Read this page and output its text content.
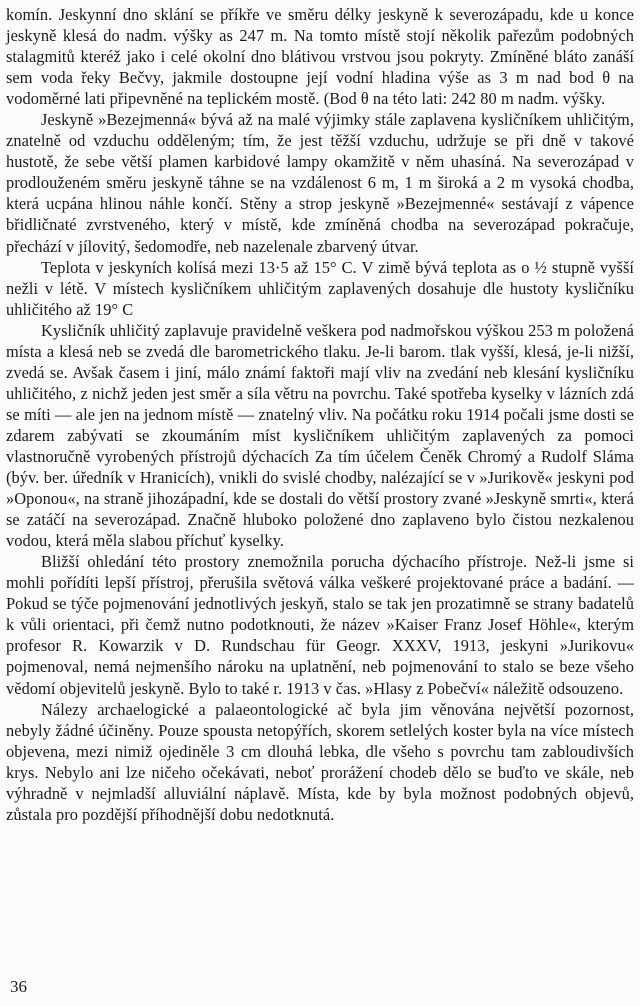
komín. Jeskynní dno sklání se příkře ve směru délky jeskyně k severozápadu, kde u konce jeskyně klesá do nadm. výšky as 247 m. Na tomto místě stojí několik pařezům podobných stalagmitů kteréž jako i celé okolní dno blátivou vrstvou jsou pokryty. Zmíněné bláto zanáší sem voda řeky Bečvy, jakmile dostoupne její vodní hladina výše as 3 m nad bod θ na vodoměrné lati připevněné na teplickém mostě. (Bod θ na této lati: 242 80 m nadm. výšky.

Jeskyně »Bezejmenná« bývá až na malé výjimky stále zaplavena kysličníkem uhličitým, znatelně od vzduchu odděleným; tím, že jest těžší vzduchu, udržuje se při dně v takové hustotě, že sebe větší plamen karbidové lampy okamžitě v něm uhasíná. Na severozápad v prodlouženém směru jeskyně táhne se na vzdálenost 6 m, 1 m široká a 2 m vysoká chodba, která ucpána hlinou náhle končí. Stěny a strop jeskyně »Bezejmenné« sestávají z vápence břidličnaté zvrstveného, který v místě, kde zmíněná chodba na severozápad pokračuje, přechází v jílovitý, šedomodře, neb nazelenale zbarvený útvar.

Teplota v jeskyních kolísá mezi 13·5 až 15° C. V zimě bývá teplota as o ½ stupně vyšší nežli v létě. V místech kysličníkem uhličitým zaplavených dosahuje dle hustoty kysličníku uhličitého až 19° C

Kysličník uhličitý zaplavuje pravidelně veškera pod nadmořskou výškou 253 m položená místa a klesá neb se zvedá dle barometrického tlaku. Je-li barom. tlak vyšší, klesá, je-li nižší, zvedá se. Avšak časem i jiní, málo známí faktoři mají vliv na zvedání neb klesání kysličníku uhličitého, z nichž jeden jest směr a síla větru na povrchu. Také spotřeba kyselky v lázních zdá se míti — ale jen na jednom místě — znatelný vliv. Na počátku roku 1914 počali jsme dosti se zdarem zabývati se zkoumáním míst kysličníkem uhličitým zaplavených za pomoci vlastnoručně vyrobených přístrojů dýchacích Za tím účelem Čeněk Chromý a Rudolf Sláma (býv. ber. úředník v Hranicích), vnikli do svislé chodby, nalézající se v »Jurikově« jeskyni pod »Oponou«, na straně jihozápadní, kde se dostali do větší prostory zvané »Jeskyně smrti«, která se zatáčí na severozápad. Značně hluboko položené dno zaplaveno bylo čistou nezkalenou vodou, která měla slabou příchuť kyselky.

Bližší ohledání této prostory znemožnila porucha dýchacího přístroje. Než-li jsme si mohli pořídíti lepší přístroj, přerušila světová válka veškeré projektované práce a badání. — Pokud se týče pojmenování jednotlivých jeskyň, stalo se tak jen prozatimně se strany badatelů k vůli orientaci, při čemž nutno podotknouti, že název »Kaiser Franz Josef Höhle«, kterým profesor R. Kowarzik v D. Rundschau für Geogr. XXXV, 1913, jeskyni »Jurikovu« pojmenoval, nemá nejmenšího nároku na uplatnění, neb pojmenování to stalo se beze všeho vědomí objevitelů jeskyně. Bylo to také r. 1913 v čas. »Hlasy z Pobečví« náležitě odsouzeno.

Nálezy archaelogické a palaeontologické ač byla jim věnována největší pozornost, nebyly žádné účiněny. Pouze spousta netopýřích, skorem setlelých koster byla na více místech objevena, mezi nimiž ojediněle 3 cm dlouhá lebka, dle všeho s povrchu tam zabloudivších krys. Nebylo ani lze ničeho očekávati, neboť prorážení chodeb dělo se buďto ve skále, neb výhradně v nejmladší alluviální náplavě. Místa, kde by byla možnost podobných objevů, zůstala pro pozdější příhodnější dobu nedotknutá.

36
